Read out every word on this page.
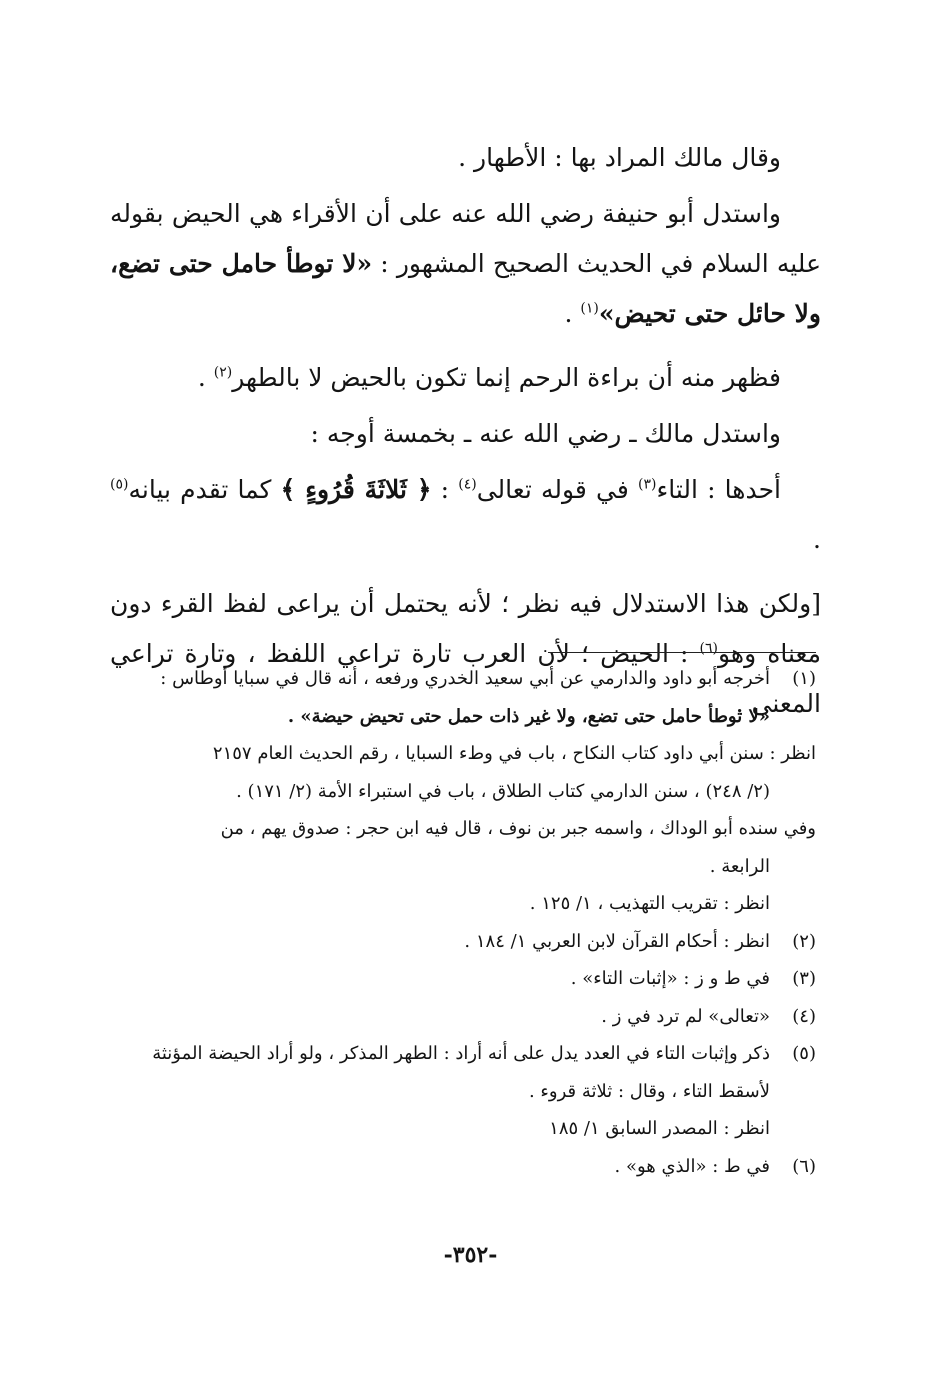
وقال مالك المراد بها : الأطهار .

واستدل أبو حنيفة رضي الله عنه على أن الأقراء هي الحيض بقوله عليه السلام في الحديث الصحيح المشهور : «لا توطأ حامل حتى تضع، ولا حائل حتى تحيض»$^{(١)}$ .

فظهر منه أن براءة الرحم إنما تكون بالحيض لا بالطهر$^{(٢)}$ .

واستدل مالك ـ رضي الله عنه ـ بخمسة أوجه :

أحدها : التاء$^{(٣)}$ في قوله تعالى$^{(٤)}$ : ﴿ ثَلاثَةَ قُرُوءٍ ﴾ كما تقدم بيانه$^{(٥)}$ .

[ولكن هذا الاستدلال فيه نظر ؛ لأنه يحتمل أن يراعى لفظ القرء دون معناه وهو$^{(٦)}$ : الحيض ؛ لأن العرب تارة تراعي اللفظ ، وتارة تراعي المعنى .

(١)
أخرجه أبو داود والدارمي عن أبي سعيد الخدري ورفعه ، أنه قال في سبايا أوطاس :
«لا توطأ حامل حتى تضع، ولا غير ذات حمل حتى تحيض حيضة» .
انظر : سنن أبي داود كتاب النكاح ، باب في وطء السبايا ، رقم الحديث العام ٢١٥٧
(٢/ ٢٤٨) ، سنن الدارمي كتاب الطلاق ، باب في استبراء الأمة (٢/ ١٧١) .
وفي سنده أبو الوداك ، واسمه جبر بن نوف ، قال فيه ابن حجر : صدوق يهم ، من
الرابعة .
انظر : تقريب التهذيب ، ١/ ١٢٥ .
(٢)
انظر : أحكام القرآن لابن العربي ١/ ١٨٤ .
(٣)
في ط و ز : «إثبات التاء» .
(٤)
«تعالى» لم ترد في ز .
(٥)
ذكر وإثبات التاء في العدد يدل على أنه أراد : الطهر المذكر ، ولو أراد الحيضة المؤنثة
لأسقط التاء ، وقال : ثلاثة قروء .
انظر : المصدر السابق ١/ ١٨٥
(٦)
في ط : «الذي هو» .
-٣٥٢-
